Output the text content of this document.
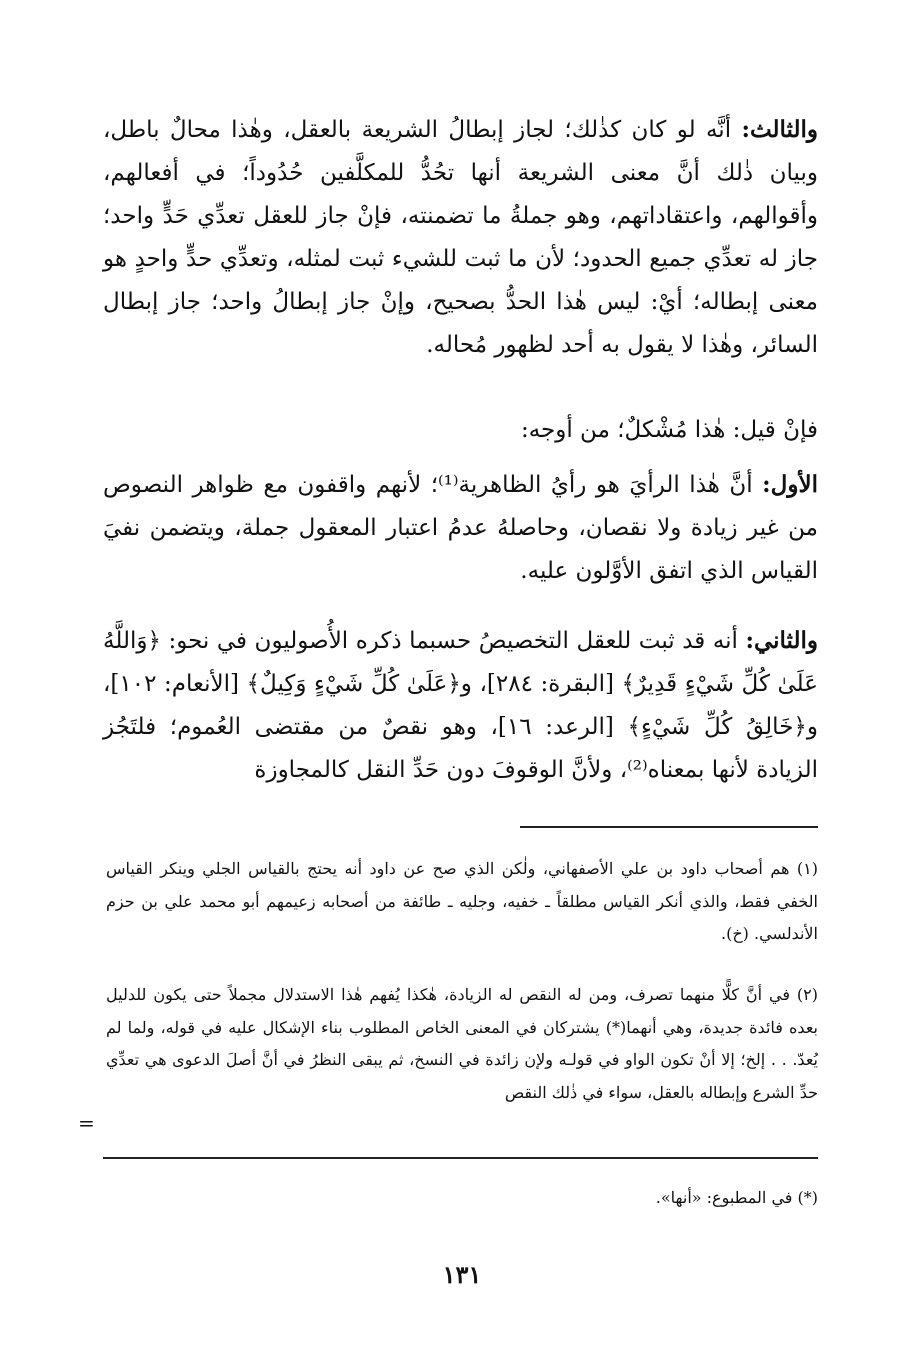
والثالث: أنَّه لو كان كذٰلك؛ لجاز إبطالُ الشريعة بالعقل، وهٰذا محالٌ باطل، وبيان ذٰلك أنَّ معنى الشريعة أنها تحُدُّ للمكلَّفين حُدُوداً؛ في أفعالهم، وأقوالهم، واعتقاداتهم، وهو جملةُ ما تضمنته، فإنْ جاز للعقل تعدِّي حَدٍّ واحد؛ جاز له تعدِّي جميع الحدود؛ لأن ما ثبت للشيء ثبت لمثله، وتعدِّي حدٍّ واحدٍ هو معنى إبطاله؛ أيْ: ليس هٰذا الحدُّ بصحيح، وإنْ جاز إبطالُ واحد؛ جاز إبطال السائر، وهٰذا لا يقول به أحد لظهور مُحاله.

فإنْ قيل: هٰذا مُشْكلٌ؛ من أوجه:

الأول: أنَّ هٰذا الرأيَ هو رأيُ الظاهرية⁽¹⁾؛ لأنهم واقفون مع ظواهر النصوص من غير زيادة ولا نقصان، وحاصلهُ عدمُ اعتبار المعقول جملة، ويتضمن نفيَ القياس الذي اتفق الأوَّلون عليه.

والثاني: أنه قد ثبت للعقل التخصيصُ حسبما ذكره الأُصوليون في نحو: ﴿وَاللَّهُ عَلَىٰ كُلِّ شَيْءٍ قَدِيرٌ﴾ [البقرة: ٢٨٤]، و﴿عَلَىٰ كُلِّ شَيْءٍ وَكِيلٌ﴾ [الأنعام: ١٠٢]، و﴿خَالِقُ كُلِّ شَيْءٍ﴾ [الرعد: ١٦]، وهو نقصٌ من مقتضى العُموم؛ فلتَجُز الزيادة لأنها بمعناه⁽²⁾، ولأنَّ الوقوفَ دون حَدِّ النقل كالمجاوزة

(١) هم أصحاب داود بن علي الأصفهاني، ولٰكن الذي صح عن داود أنه يحتج بالقياس الجلي وينكر القياس الخفي فقط، والذي أنكر القياس مطلقاً ـ خفيه، وجليه ـ طائفة من أصحابه زعيمهم أبو محمد علي بن حزم الأندلسي. (خ).

(٢) في أنَّ كلًّا منهما تصرف، ومن له النقص له الزيادة، هٰكذا يُفهم هٰذا الاستدلال مجملاً حتى يكون للدليل بعده فائدة جديدة، وهي أنهما(*) يشتركان في المعنى الخاص المطلوب بناء الإشكال عليه في قوله، ولما لم يُعدّ. . . إلخ؛ إلا أنْ تكون الواو في قولـه ولإن زائدة في النسخ، ثم يبقى النظرُ في أنَّ أصلَ الدعوى هي تعدِّي حدِّ الشرع وإبطاله بالعقل، سواء في ذٰلك النقص

=

(*) في المطبوع: «أنها».

١٣١
